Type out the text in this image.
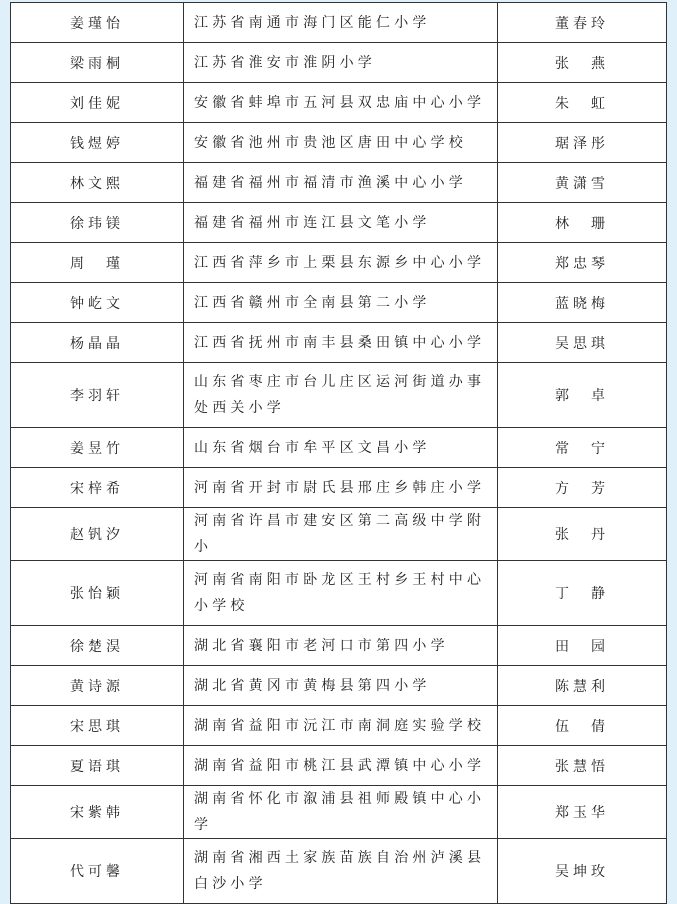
姜瑾怡	江苏省南通市海门区能仁小学	董春玲
梁雨桐	江苏省淮安市淮阴小学	张　燕
刘佳妮	安徽省蚌埠市五河县双忠庙中心小学	朱　虹
钱煜婷	安徽省池州市贵池区唐田中心学校	琚泽彤
林文熙	福建省福州市福清市渔溪中心小学	黄潇雪
徐玮镁	福建省福州市连江县文笔小学	林　珊
周　瑾	江西省萍乡市上栗县东源乡中心小学	郑忠琴
钟屹文	江西省赣州市全南县第二小学	蓝晓梅
杨晶晶	江西省抚州市南丰县桑田镇中心小学	吴思琪
李羽轩	山东省枣庄市台儿庄区运河街道办事处西关小学	郭　卓
姜昱竹	山东省烟台市牟平区文昌小学	常　宁
宋梓希	河南省开封市尉氏县邢庄乡韩庄小学	方　芳
赵钒汐	河南省许昌市建安区第二高级中学附小	张　丹
张怡颖	河南省南阳市卧龙区王村乡王村中心小学校	丁　静
徐楚淏	湖北省襄阳市老河口市第四小学	田　园
黄诗源	湖北省黄冈市黄梅县第四小学	陈慧利
宋思琪	湖南省益阳市沅江市南洞庭实验学校	伍　倩
夏语琪	湖南省益阳市桃江县武潭镇中心小学	张慧悟
宋紫韩	湖南省怀化市溆浦县祖师殿镇中心小学	郑玉华
代可馨	湖南省湘西土家族苗族自治州泸溪县白沙小学	吴坤玫
